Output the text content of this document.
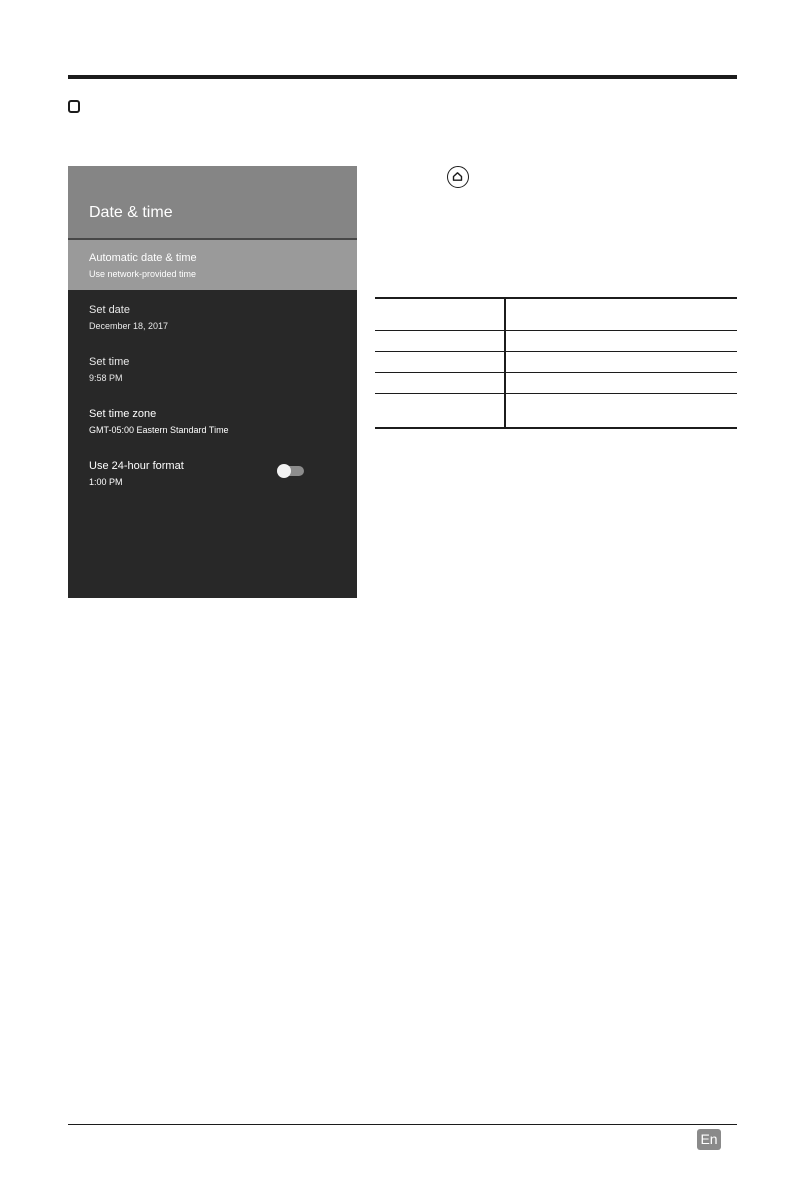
Date & time
Automatic date & time
Use network-provided time
Set date
December 18, 2017
Set time
9:58 PM
Set time zone
GMT-05:00 Eastern Standard Time
Use 24-hour format
1:00 PM
En
